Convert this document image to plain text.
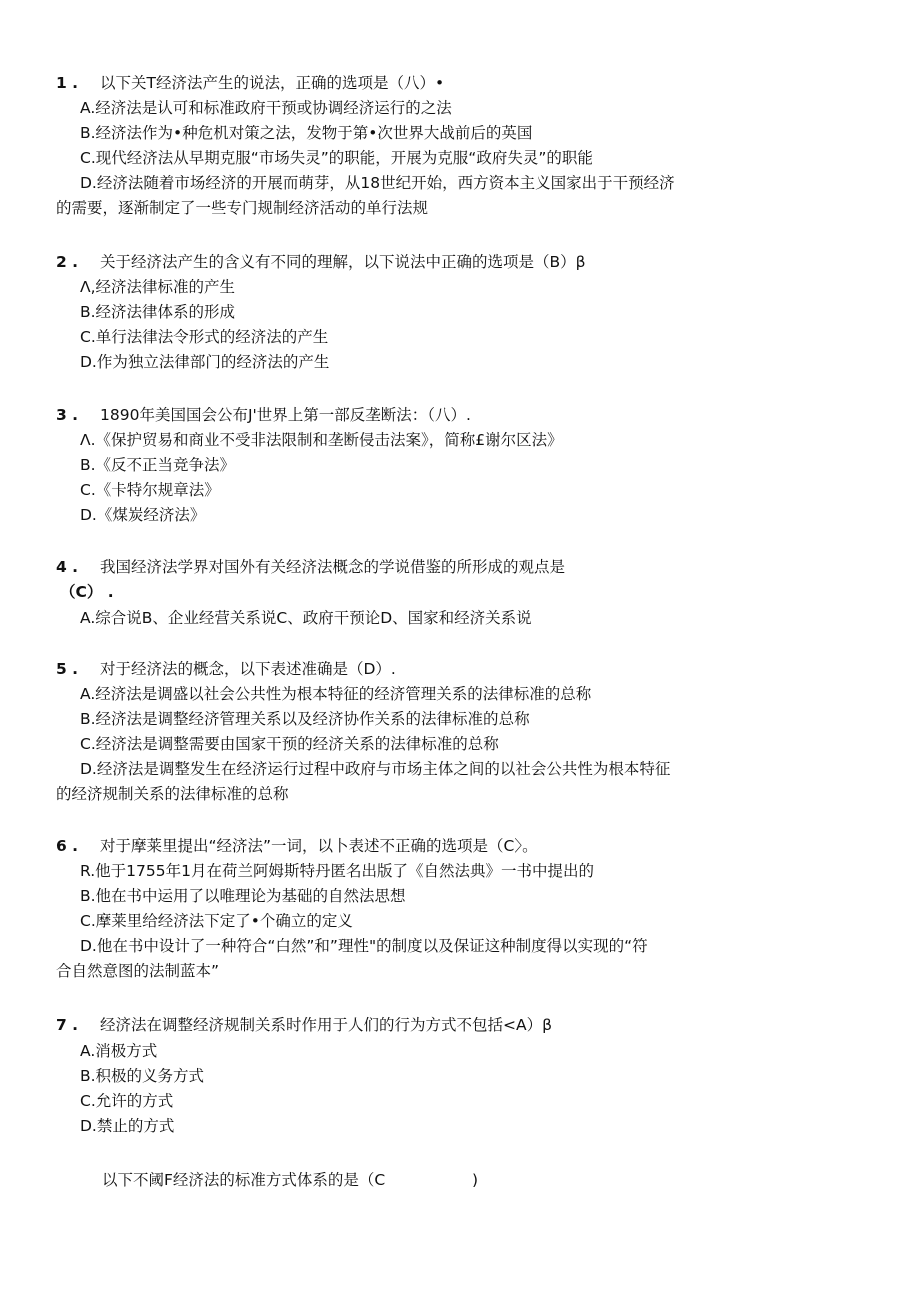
1 . 以下关T经济法产生的说法，正确的选项是（八）•
A.经济法是认可和标准政府干预或协调经济运行的之法
B.经济法作为•种危机对策之法，发物于第•次世界大战前后的英国
C.现代经济法从早期克服“市场失灵”的职能，开展为克服“政府失灵”的职能
D.经济法随着市场经济的开展而萌芽，从18世纪开始，西方资本主义国家出于干预经济
的需要，逐渐制定了一些专门规制经济活动的单行法规
2 . 关于经济法产生的含义有不同的理解，以下说法中正确的选项是（B）β
Λ,经济法律标准的产生
B.经济法律体系的形成
C.单行法律法令形式的经济法的产生
D.作为独立法律部门的经济法的产生
3 . 1890年美国国会公布J'世界上第一部反垄断法：（八）.
Λ.《保护贸易和商业不受非法限制和垄断侵击法案》，简称£谢尔区法》
B.《反不正当竞争法》
C.《卡特尔规章法》
D.《煤炭经济法》
4 . 我国经济法学界对国外有关经济法概念的学说借鉴的所形成的观点是
（C） .
A.综合说B、企业经营关系说C、政府干预论D、国家和经济关系说
5 . 对于经济法的概念，以下表述准确是（D）.
A.经济法是调盛以社会公共性为根本特征的经济管理关系的法律标准的总称
B.经济法是调整经济管理关系以及经济协作关系的法律标准的总称
C.经济法是调整需要由国家干预的经济关系的法律标准的总称
D.经济法是调整发生在经济运行过程中政府与市场主体之间的以社会公共性为根本特征
的经济规制关系的法律标准的总称
6 . 对于摩莱里提出“经济法”一词，以卜表述不正确的选项是（C〉。
R.他于1755年1月在荷兰阿姆斯特丹匿名出版了《自然法典》一书中提出的
B.他在书中运用了以唯理论为基础的自然法思想
C.摩莱里给经济法下定了•个确立的定义
D.他在书中设计了一种符合“白然”和”理性"的制度以及保证这种制度得以实现的“符
合自然意图的法制蓝本”
7 . 经济法在调整经济规制关系时作用于人们的行为方式不包括<A）β
A.消极方式
B.积极的义务方式
C.允许的方式
D.禁止的方式
以下不阈F经济法的标准方式体系的是（C	)
